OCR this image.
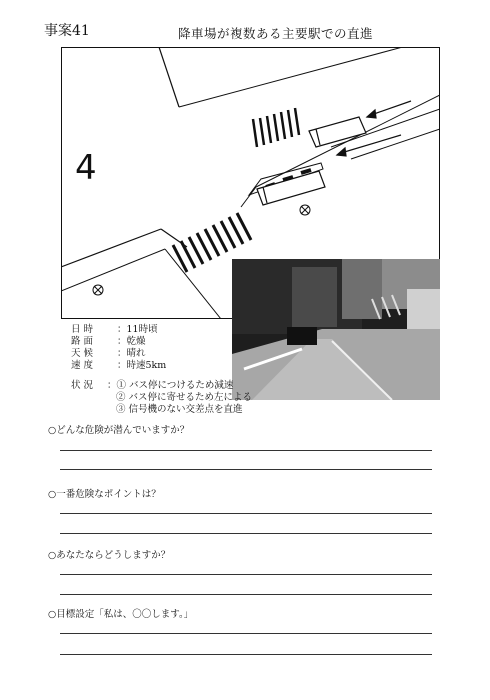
事案41	降車場が複数ある主要駅での直進
4
日時	：11時頃
路面	：乾燥
天候	：晴れ
速度	：時速5km
状況	：① バス停につけるため減速
② バス停に寄せるため左による
③ 信号機のない交差点を直進
○どんな危険が潜んでいますか？
○一番危険なポイントは？
○あなたならどうしますか？
○目標設定「私は、〇〇します。」
